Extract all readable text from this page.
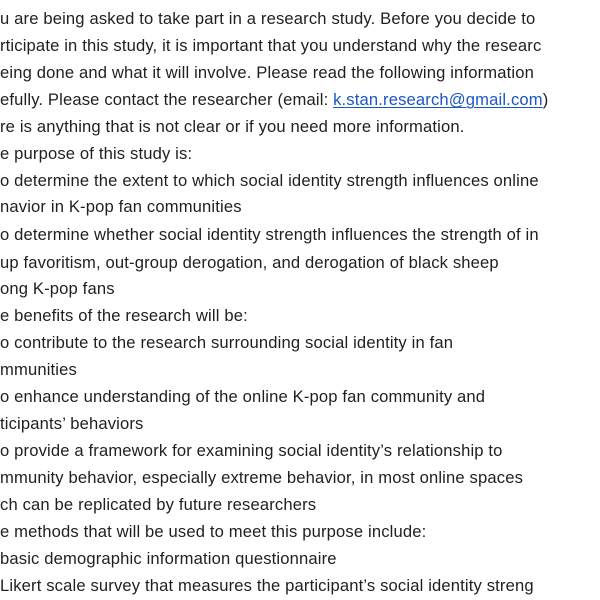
u are being asked to take part in a research study. Before you decide to
rticipate in this study, it is important that you understand why the researc
eing done and what it will involve. Please read the following information
efully. Please contact the researcher (email: k.stan.research@gmail.com)
re is anything that is not clear or if you need more information.
e purpose of this study is:
o determine the extent to which social identity strength influences online
navior in K-pop fan communities
o determine whether social identity strength influences the strength of in
up favoritism, out-group derogation, and derogation of black sheep
ong K-pop fans
e benefits of the research will be:
o contribute to the research surrounding social identity in fan
mmunities
o enhance understanding of the online K-pop fan community and
ticipants’ behaviors
o provide a framework for examining social identity’s relationship to
mmunity behavior, especially extreme behavior, in most online spaces
ch can be replicated by future researchers
e methods that will be used to meet this purpose include:
basic demographic information questionnaire
Likert scale survey that measures the participant’s social identity streng
